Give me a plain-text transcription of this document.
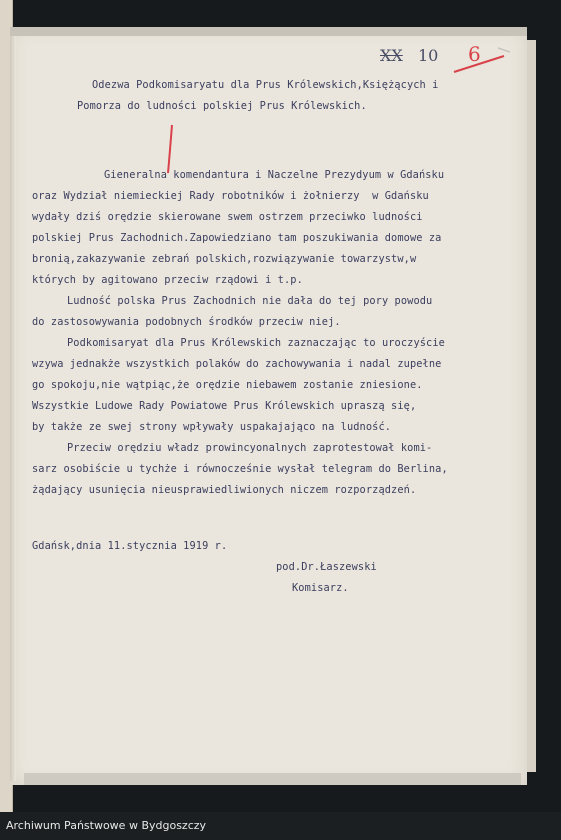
XX 10 6
Odezwa Podkomisaryatu dla Prus Królewskich,Księżących i
Pomorza do ludności polskiej Prus Królewskich.
Gieneralna komendantura i Naczelne Prezydyum w Gdańsku
oraz Wydział niemieckiej Rady robotników i żołnierzy  w Gdańsku
wydały dziś orędzie skierowane swem ostrzem przeciwko ludności
polskiej Prus Zachodnich.Zapowiedziano tam poszukiwania domowe za
bronią,zakazywanie zebrań polskich,rozwiązywanie towarzystw,w
których by agitowano przeciw rządowi i t.p.
Ludność polska Prus Zachodnich nie dała do tej pory powodu
do zastosowywania podobnych środków przeciw niej.
Podkomisaryat dla Prus Królewskich zaznaczając to uroczyście
wzywa jednakże wszystkich polaków do zachowywania i nadal zupełne
go spokoju,nie wątpiąc,że orędzie niebawem zostanie zniesione.
Wszystkie Ludowe Rady Powiatowe Prus Królewskich upraszą się,
by także ze swej strony wpływały uspakajająco na ludność.
Przeciw orędziu władz prowincyonalnych zaprotestował komi-
sarz osobiście u tychże i równocześnie wysłał telegram do Berlina,
żądający usunięcia nieusprawiedliwionych niczem rozporządzeń.
Gdańsk,dnia 11.stycznia 1919 r.
pod.Dr.Łaszewski
Komisarz.
Archiwum Państwowe w Bydgoszczy
